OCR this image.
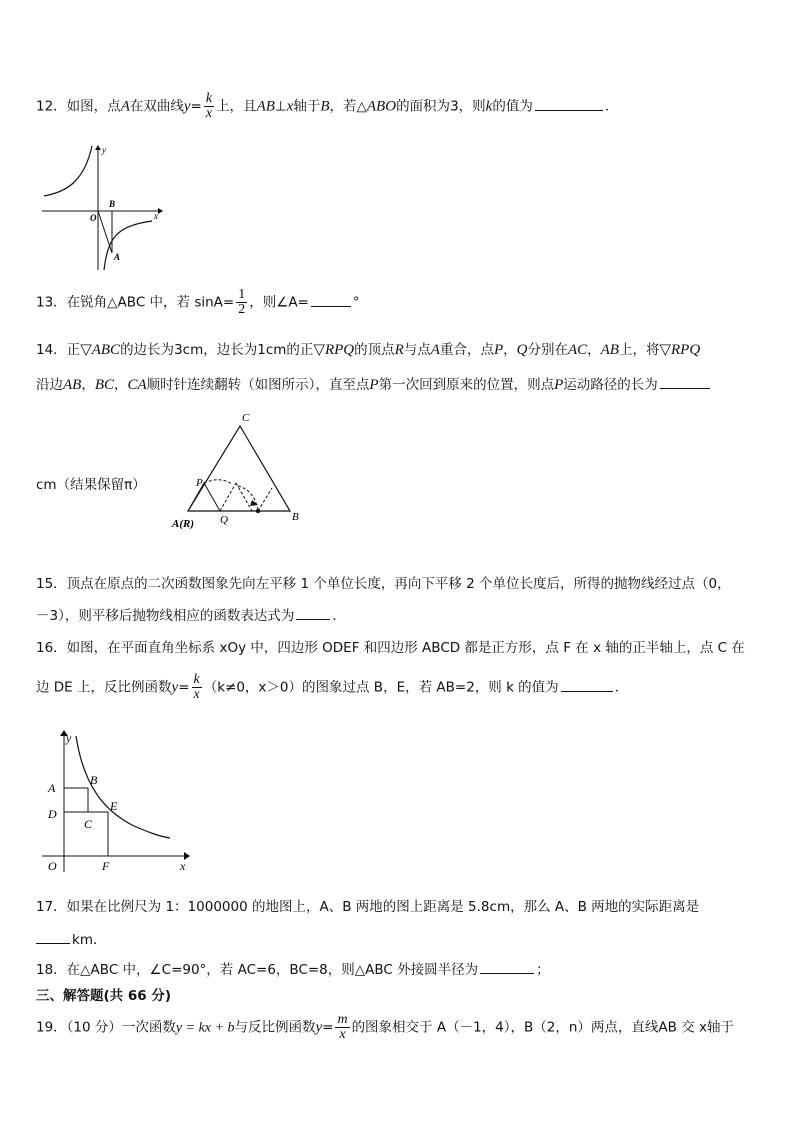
12．如图，点A在双曲线$y= \frac{k}{x}$ 上，且AB⊥x轴于B，若△ABO的面积为3，则k的值为	．
y
x
O
B
A
13．在锐角△ABC 中，若 $\sin A= \frac{1}{2}$ ，则∠A=	°
14．正▽ABC的边长为3cm，边长为1cm的正▽RPQ的顶点R与点A重合，点P，Q分别在AC，AB上，将▽RPQ
沿边AB，BC，CA顺时针连续翻转（如图所示），直至点P第一次回到原来的位置，则点P运动路径的长为
cm（结果保留π）
C
P
Q	B
A(R)
15．顶点在原点的二次函数图象先向左平移 1 个单位长度，再向下平移 2 个单位长度后，所得的抛物线经过点（0，
－3），则平移后抛物线相应的函数表达式为	．
16．如图，在平面直角坐标系 xOy 中，四边形 ODEF 和四边形 ABCD 都是正方形，点 F 在 x 轴的正半轴上，点 C 在
边 DE 上，反比例函数$y= \frac{k}{x} (k\ne 0$，x＞0）的图象过点 B，E，若 AB=2，则 k 的值为	．
y
x
O
A
B
C
D
E
F
17．如果在比例尺为 1：1000000 的地图上，A、B 两地的图上距离是 5.8cm，那么 A、B 两地的实际距离是
km．
18．在△ABC 中，∠C=90°，若 AC=6，BC=8，则△ABC 外接圆半径为	；
三、解答题(共 66 分)
19．（10 分）一次函数y = kx + b与反比例函数$y= \frac{m}{x}$ 的图象相交于 A（－1，4），B（2，n）两点，直线AB 交 x轴于
